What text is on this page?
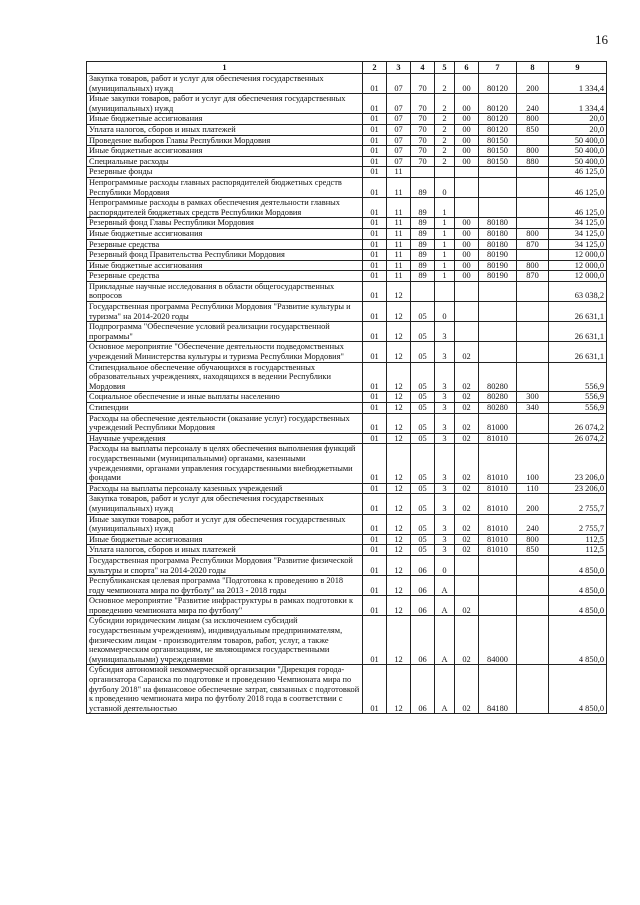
16
1	2	3	4	5	6	7	8	9
Закупка товаров, работ и услуг для обеспечения государственных (муниципальных) нужд	01	07	70	2	00	80120	200	1 334,4
Иные закупки товаров, работ и услуг для обеспечения государственных (муниципальных) нужд	01	07	70	2	00	80120	240	1 334,4
Иные бюджетные ассигнования	01	07	70	2	00	80120	800	20,0
Уплата налогов, сборов и иных платежей	01	07	70	2	00	80120	850	20,0
Проведение выборов Главы Республики Мордовия	01	07	70	2	00	80150		50 400,0
Иные бюджетные ассигнования	01	07	70	2	00	80150	800	50 400,0
Специальные расходы	01	07	70	2	00	80150	880	50 400,0
Резервные фонды	01	11						46 125,0
Непрограммные расходы главных распорядителей бюджетных средств Республики Мордовия	01	11	89	0				46 125,0
Непрограммные расходы в рамках обеспечения деятельности главных распорядителей бюджетных средств Республики Мордовия	01	11	89	1				46 125,0
Резервный фонд Главы Республики Мордовия	01	11	89	1	00	80180		34 125,0
Иные бюджетные ассигнования	01	11	89	1	00	80180	800	34 125,0
Резервные средства	01	11	89	1	00	80180	870	34 125,0
Резервный фонд Правительства Республики Мордовия	01	11	89	1	00	80190		12 000,0
Иные бюджетные ассигнования	01	11	89	1	00	80190	800	12 000,0
Резервные средства	01	11	89	1	00	80190	870	12 000,0
Прикладные научные исследования в области общегосударственных вопросов	01	12						63 038,2
Государственная программа Республики Мордовия "Развитие культуры и туризма" на 2014-2020 годы	01	12	05	0				26 631,1
Подпрограмма "Обеспечение условий реализации государственной программы"	01	12	05	3				26 631,1
Основное мероприятие "Обеспечение деятельности подведомственных учреждений Министерства культуры и туризма Республики Мордовия"	01	12	05	3	02			26 631,1
Стипендиальное обеспечение обучающихся в государственных образовательных учреждениях, находящихся в ведении Республики Мордовия	01	12	05	3	02	80280		556,9
Социальное обеспечение и иные выплаты населению	01	12	05	3	02	80280	300	556,9
Стипендии	01	12	05	3	02	80280	340	556,9
Расходы на обеспечение деятельности (оказание услуг) государственных учреждений Республики Мордовия	01	12	05	3	02	81000		26 074,2
Научные учреждения	01	12	05	3	02	81010		26 074,2
Расходы на выплаты персоналу в целях обеспечения выполнения функций государственными (муниципальными) органами, казенными учреждениями, органами управления государственными внебюджетными фондами	01	12	05	3	02	81010	100	23 206,0
Расходы на выплаты персоналу казенных учреждений	01	12	05	3	02	81010	110	23 206,0
Закупка товаров, работ и услуг для обеспечения государственных (муниципальных) нужд	01	12	05	3	02	81010	200	2 755,7
Иные закупки товаров, работ и услуг для обеспечения государственных (муниципальных) нужд	01	12	05	3	02	81010	240	2 755,7
Иные бюджетные ассигнования	01	12	05	3	02	81010	800	112,5
Уплата налогов, сборов и иных платежей	01	12	05	3	02	81010	850	112,5
Государственная программа Республики Мордовия "Развитие физической культуры и спорта" на 2014-2020 годы	01	12	06	0				4 850,0
Республиканская целевая программа "Подготовка к проведению в 2018 году чемпионата мира по футболу" на 2013 - 2018 годы	01	12	06	А				4 850,0
Основное мероприятие "Развитие инфраструктуры в рамках подготовки к проведению чемпионата мира по футболу"	01	12	06	А	02			4 850,0
Субсидии юридическим лицам (за исключением субсидий государственным учреждениям), индивидуальным предпринимателям, физическим лицам - производителям товаров, работ, услуг, а также некоммерческим организациям, не являющимся государственными (муниципальными) учреждениями	01	12	06	А	02	84000		4 850,0
Субсидия автономной некоммерческой организации "Дирекция города-организатора Саранска по подготовке и проведению Чемпионата мира по футболу 2018" на финансовое обеспечение затрат, связанных с подготовкой к проведению чемпионата мира по футболу 2018 года в соответствии с уставной деятельностью	01	12	06	А	02	84180		4 850,0
